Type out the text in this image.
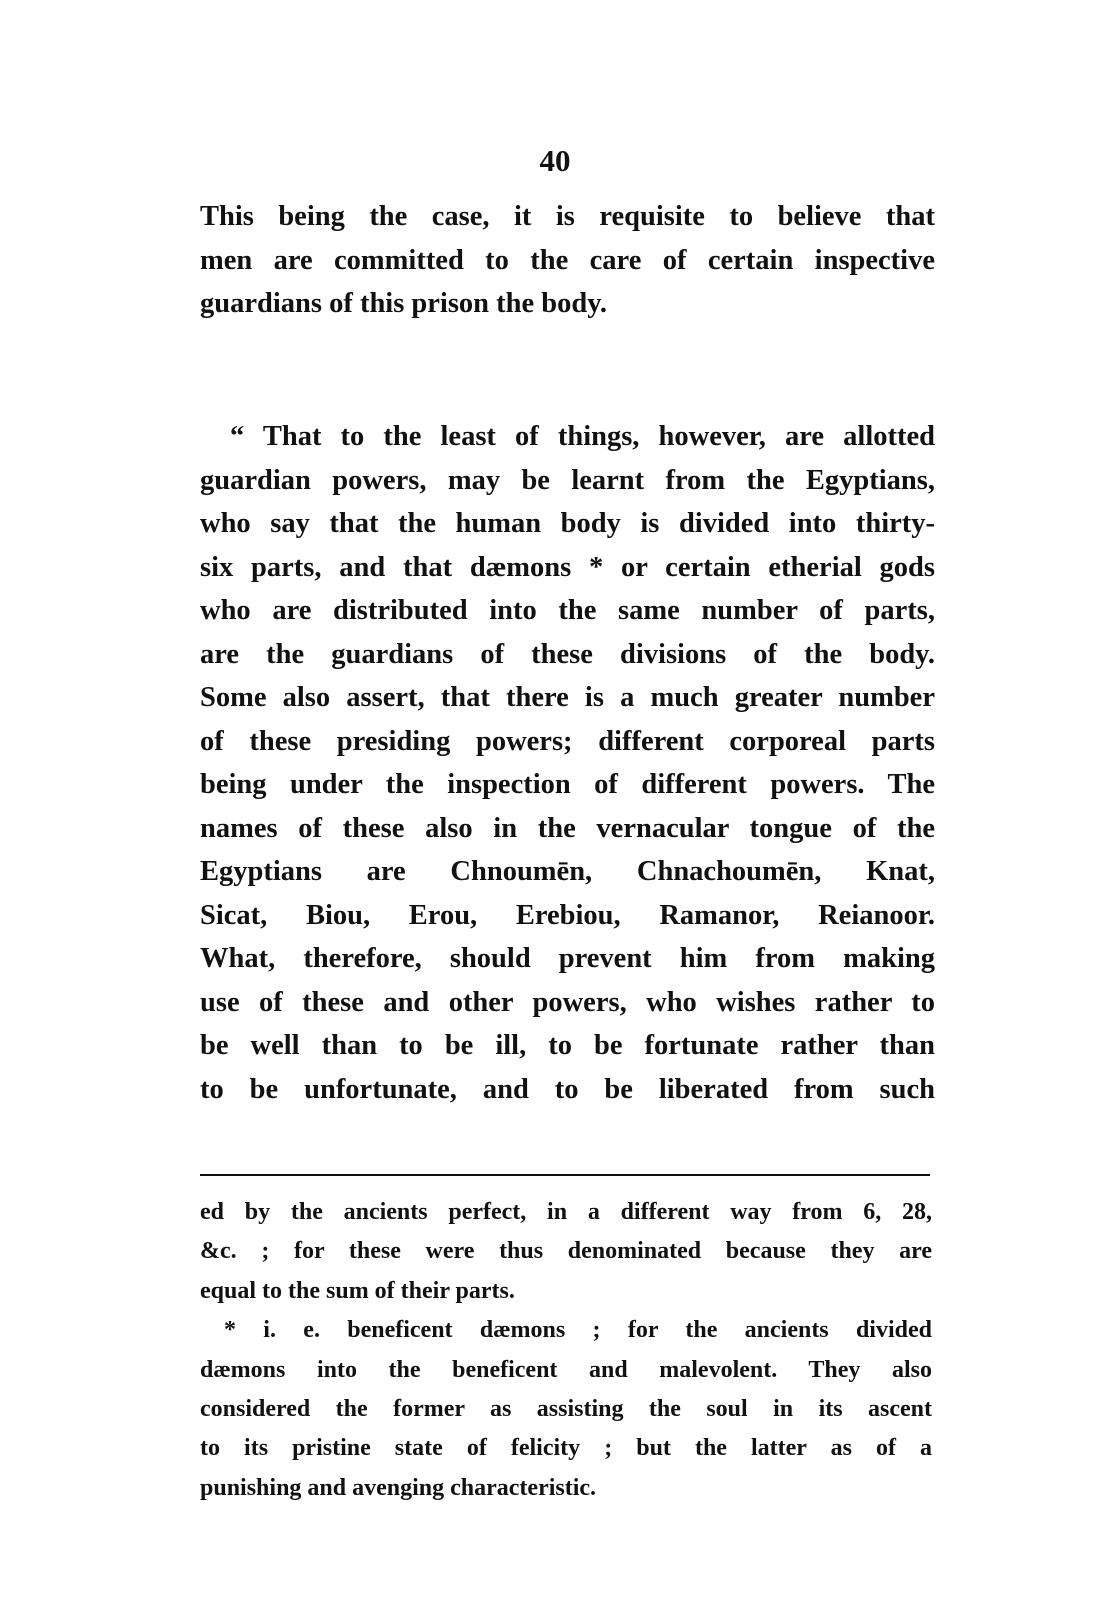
40
This being the case, it is requisite to believe that
men are committed to the care of certain inspective
guardians of this prison the body.
“ That to the least of things, however, are allotted
guardian powers, may be learnt from the Egyptians,
who say that the human body is divided into thirty-
six parts, and that dæmons * or certain etherial gods
who are distributed into the same number of parts,
are the guardians of these divisions of the body.
Some also assert, that there is a much greater number
of these presiding powers; different corporeal parts
being under the inspection of different powers. The
names of these also in the vernacular tongue of the
Egyptians are Chnoumēn, Chnachoumēn, Knat,
Sicat, Biou, Erou, Erebiou, Ramanor, Reianoor.
What, therefore, should prevent him from making
use of these and other powers, who wishes rather to
be well than to be ill, to be fortunate rather than
to be unfortunate, and to be liberated from such
ed by the ancients perfect, in a different way from 6, 28,
&c. ; for these were thus denominated because they are
equal to the sum of their parts.
* i. e. beneficent dæmons ; for the ancients divided
dæmons into the beneficent and malevolent. They also
considered the former as assisting the soul in its ascent
to its pristine state of felicity ; but the latter as of a
punishing and avenging characteristic.
